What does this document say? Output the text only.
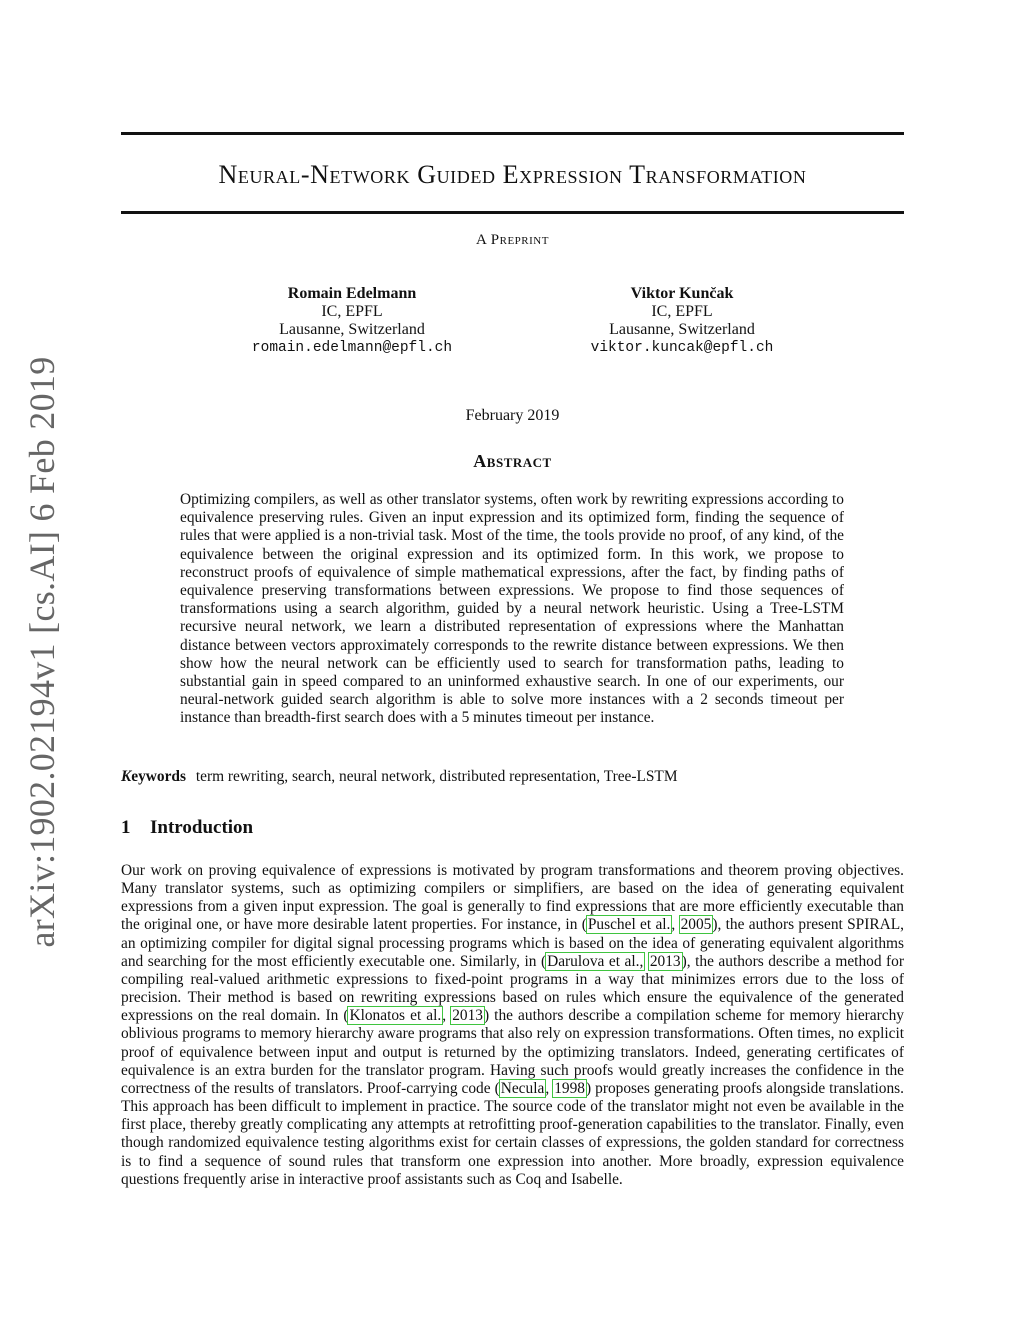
arXiv:1902.02194v1 [cs.AI] 6 Feb 2019
Neural-Network Guided Expression Transformation
A Preprint
Romain Edelmann
IC, EPFL
Lausanne, Switzerland
romain.edelmann@epfl.ch
Viktor Kunčak
IC, EPFL
Lausanne, Switzerland
viktor.kuncak@epfl.ch
February 2019
Abstract
Optimizing compilers, as well as other translator systems, often work by rewriting expressions according to equivalence preserving rules. Given an input expression and its optimized form, finding the sequence of rules that were applied is a non-trivial task. Most of the time, the tools provide no proof, of any kind, of the equivalence between the original expression and its optimized form. In this work, we propose to reconstruct proofs of equivalence of simple mathematical expressions, after the fact, by finding paths of equivalence preserving transformations between expressions. We propose to find those sequences of transformations using a search algorithm, guided by a neural network heuristic. Using a Tree-LSTM recursive neural network, we learn a distributed representation of expressions where the Manhattan distance between vectors approximately corresponds to the rewrite distance between expressions. We then show how the neural network can be efficiently used to search for transformation paths, leading to substantial gain in speed compared to an uninformed exhaustive search. In one of our experiments, our neural-network guided search algorithm is able to solve more instances with a 2 seconds timeout per instance than breadth-first search does with a 5 minutes timeout per instance.
Keywords term rewriting, search, neural network, distributed representation, Tree-LSTM
1 Introduction
Our work on proving equivalence of expressions is motivated by program transformations and theorem proving objectives. Many translator systems, such as optimizing compilers or simplifiers, are based on the idea of generating equivalent expressions from a given input expression. The goal is generally to find expressions that are more efficiently executable than the original one, or have more desirable latent properties. For instance, in (Puschel et al., 2005), the authors present SPIRAL, an optimizing compiler for digital signal processing programs which is based on the idea of generating equivalent algorithms and searching for the most efficiently executable one. Similarly, in (Darulova et al., 2013), the authors describe a method for compiling real-valued arithmetic expressions to fixed-point programs in a way that minimizes errors due to the loss of precision. Their method is based on rewriting expressions based on rules which ensure the equivalence of the generated expressions on the real domain. In (Klonatos et al., 2013) the authors describe a compilation scheme for memory hierarchy oblivious programs to memory hierarchy aware programs that also rely on expression transformations. Often times, no explicit proof of equivalence between input and output is returned by the optimizing translators. Indeed, generating certificates of equivalence is an extra burden for the translator program. Having such proofs would greatly increases the confidence in the correctness of the results of translators. Proof-carrying code (Necula, 1998) proposes generating proofs alongside translations. This approach has been difficult to implement in practice. The source code of the translator might not even be available in the first place, thereby greatly complicating any attempts at retrofitting proof-generation capabilities to the translator. Finally, even though randomized equivalence testing algorithms exist for certain classes of expressions, the golden standard for correctness is to find a sequence of sound rules that transform one expression into another. More broadly, expression equivalence questions frequently arise in interactive proof assistants such as Coq and Isabelle.
